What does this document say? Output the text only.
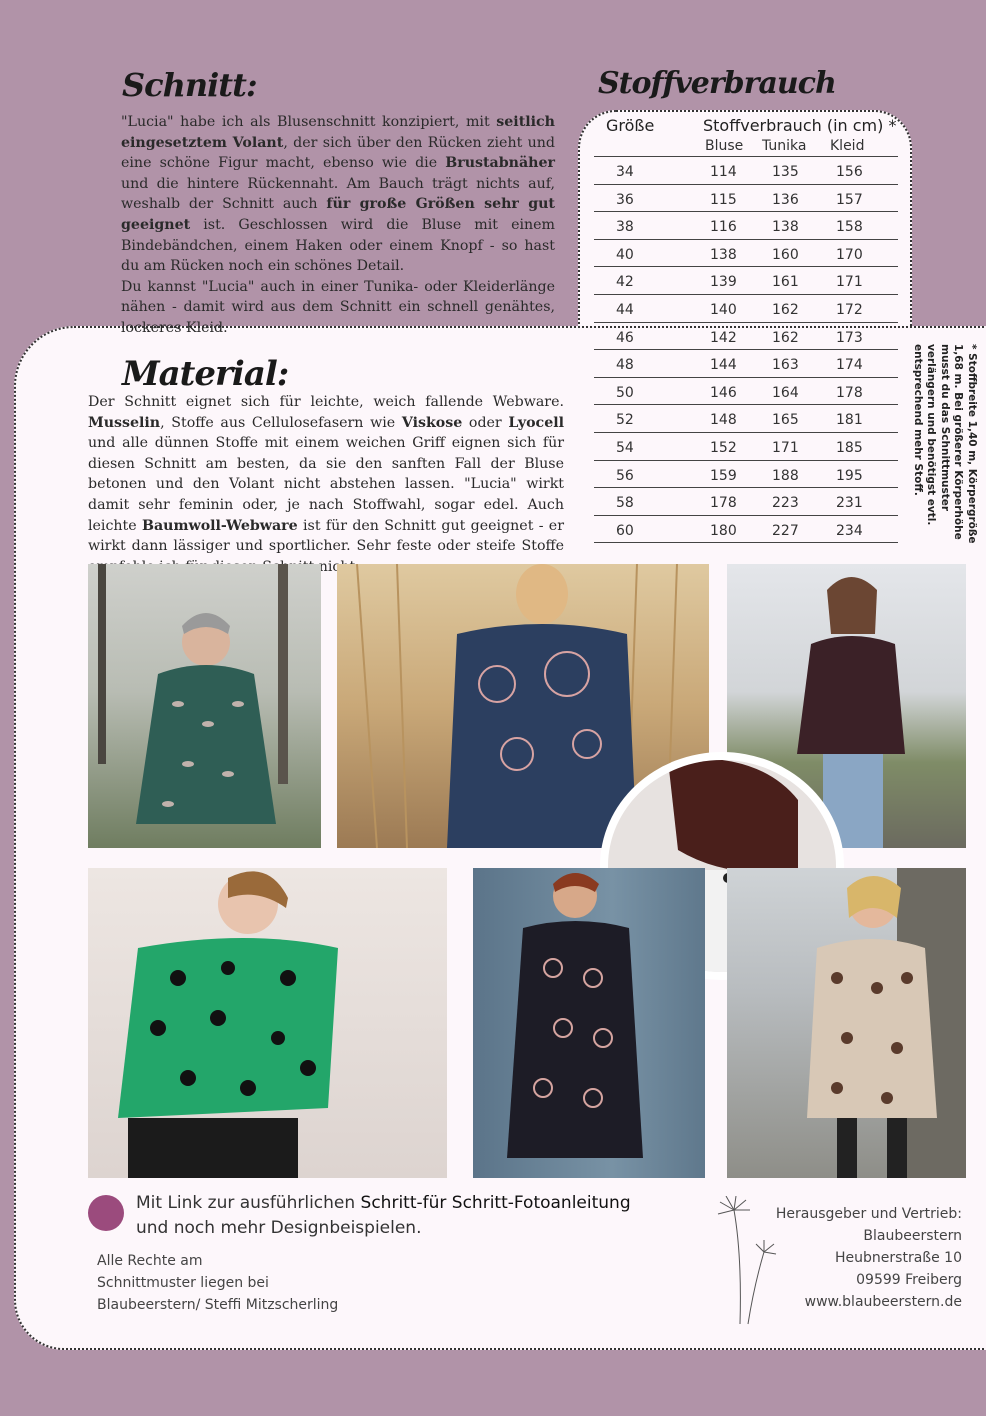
Schnitt:
"Lucia" habe ich als Blusenschnitt konzipiert, mit seitlich eingesetztem Volant, der sich über den Rücken zieht und eine schöne Figur macht, ebenso wie die Brustabnäher und die hintere Rückennaht. Am Bauch trägt nichts auf, weshalb der Schnitt auch für große Größen sehr gut geeignet ist. Geschlossen wird die Bluse mit einem Bindebändchen, einem Haken oder einem Knopf - so hast du am Rücken noch ein schönes Detail.
Du kannst "Lucia" auch in einer Tunika- oder Kleiderlänge nähen - damit wird aus dem Schnitt ein schnell genähtes, lockeres Kleid.
Stoffverbrauch
Größe	Stoffverbrauch (in cm) *
Bluse Tunika Kleid
34	114	135	156
36	115	136	157
38	116	138	158
40	138	160	170
42	139	161	171
44	140	162	172
46	142	162	173
48	144	163	174
50	146	164	178
52	148	165	181
54	152	171	185
56	159	188	195
58	178	223	231
60	180	227	234	* Stoffbreite 1,40 m, Körpergröße 1,68 m. Bei größerer Körperhöhe musst du das Schnittmuster verlängern und benötigst evtl. entsprechend mehr Stoff.
Material:
Der Schnitt eignet sich für leichte, weich fallende Webware. Musselin, Stoffe aus Cellulosefasern wie Viskose oder Lyocell und alle dünnen Stoffe mit einem weichen Griff eignen sich für diesen Schnitt am besten, da sie den sanften Fall der Bluse betonen und den Volant nicht abstehen lassen. "Lucia" wirkt damit sehr feminin oder, je nach Stoffwahl, sogar edel. Auch leichte Baumwoll-Webware ist für den Schnitt gut geeignet - er wirkt dann lässiger und sportlicher. Sehr feste oder steife Stoffe
Mit Link zur ausführlichen Schritt-für Schritt-Fotoanleitung
und noch mehr Designbeispielen.
Alle Rechte am
Schnittmuster liegen bei
Blaubeerstern/ Steffi Mitzscherling
Herausgeber und Vertrieb:
Blaubeerstern
Heubnerstraße 10
09599 Freiberg
www.blaubeerstern.de
